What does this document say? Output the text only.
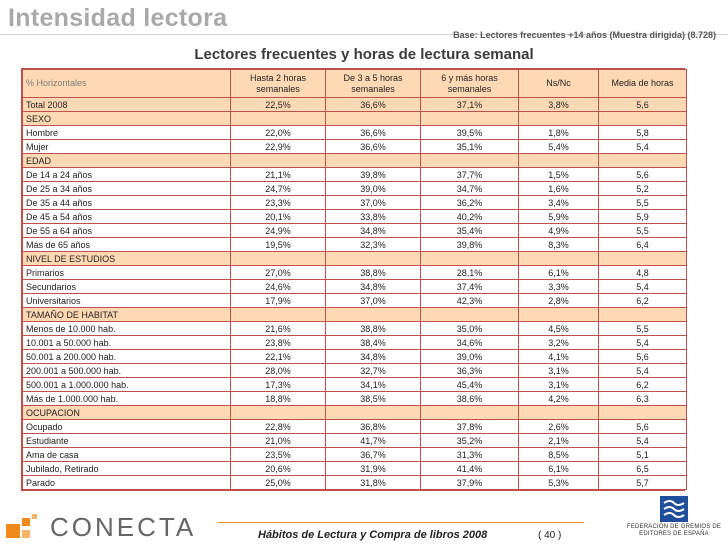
Intensidad lectora
Base: Lectores frecuentes +14 años (Muestra dirigida) (8.728)
Lectores frecuentes y horas de lectura semanal
% Horizontales	Hasta 2 horas semanales	De 3 a 5 horas semanales	6 y más horas semanales	Ns/Nc	Media de horas
Total 2008	22,5%	36,6%	37,1%	3,8%	5,6
SEXO					
Hombre	22,0%	36,6%	39,5%	1,8%	5,8
Mujer	22,9%	36,6%	35,1%	5,4%	5,4
EDAD					
De 14 a 24 años	21,1%	39,8%	37,7%	1,5%	5,6
De 25 a 34 años	24,7%	39,0%	34,7%	1,6%	5,2
De 35 a 44 años	23,3%	37,0%	36,2%	3,4%	5,5
De 45 a 54 años	20,1%	33,8%	40,2%	5,9%	5,9
De 55 a 64 años	24,9%	34,8%	35,4%	4,9%	5,5
Más de 65 años	19,5%	32,3%	39,8%	8,3%	6,4
NIVEL DE ESTUDIOS					
Primarios	27,0%	38,8%	28,1%	6,1%	4,8
Secundarios	24,6%	34,8%	37,4%	3,3%	5,4
Universitarios	17,9%	37,0%	42,3%	2,8%	6,2
TAMAÑO DE HABITAT					
Menos de 10.000 hab.	21,6%	38,8%	35,0%	4,5%	5,5
10.001 a 50.000 hab.	23,8%	38,4%	34,6%	3,2%	5,4
50.001 a 200.000 hab.	22,1%	34,8%	39,0%	4,1%	5,6
200.001 a 500.000 hab.	28,0%	32,7%	36,3%	3,1%	5,4
500.001 a 1.000.000 hab.	17,3%	34,1%	45,4%	3,1%	6,2
Más de 1.000.000 hab.	18,8%	38,5%	38,6%	4,2%	6,3
OCUPACION					
Ocupado	22,8%	36,8%	37,8%	2,6%	5,6
Estudiante	21,0%	41,7%	35,2%	2,1%	5,4
Ama de casa	23,5%	36,7%	31,3%	8,5%	5,1
Jubilado, Retirado	20,6%	31,9%	41,4%	6,1%	6,5
Parado	25,0%	31,8%	37,9%	5,3%	5,7
CONECTA	Hábitos de Lectura y Compra de libros 2008	( 40 )
FEDERACIÓN DE GREMIOS DE EDITORES DE ESPAÑA
